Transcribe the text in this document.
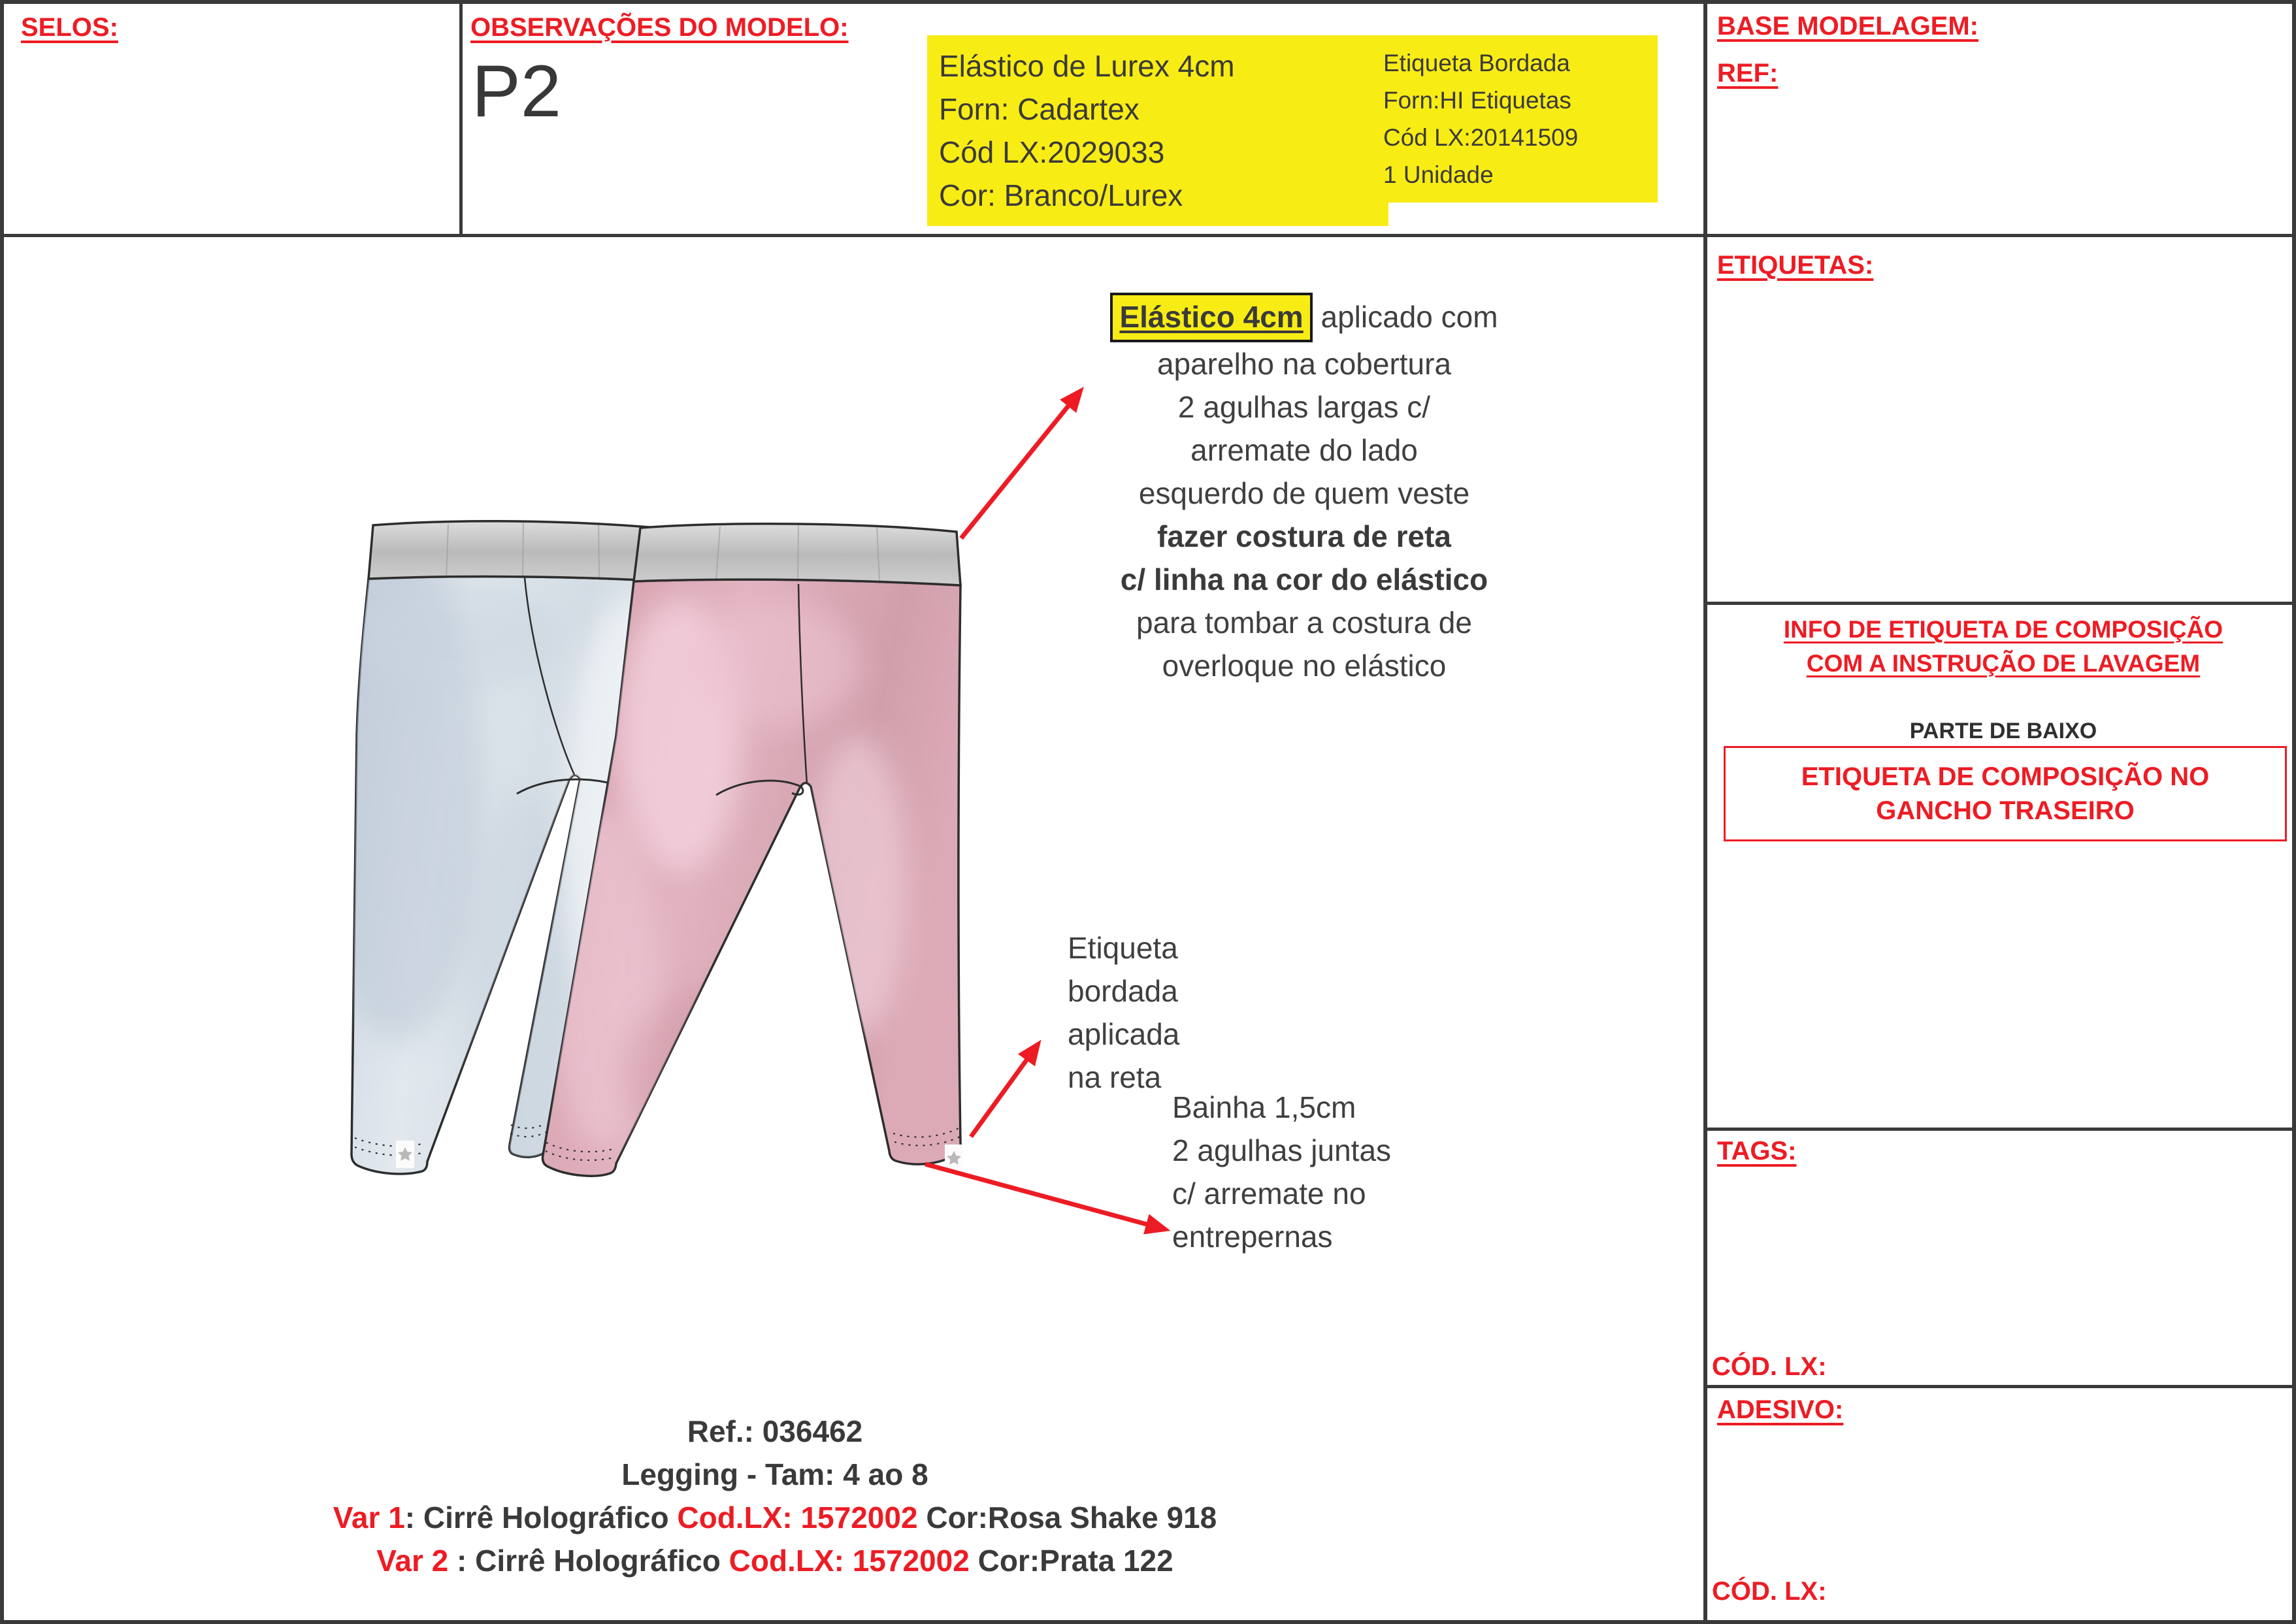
SELOS:	OBSERVAÇÕES DO MODELO:
P2	Elástico de Lurex 4cm
Forn: Cadartex
Cód LX:2029033
Cor: Branco/Lurex
Etiqueta Bordada
Forn:HI Etiquetas
Cód LX:20141509
1 Unidade
BASE MODELAGEM:
REF:
ETIQUETAS:
INFO DE ETIQUETA DE COMPOSIÇÃO
COM A INSTRUÇÃO DE LAVAGEM
PARTE DE BAIXO
ETIQUETA DE COMPOSIÇÃO NO
GANCHO TRASEIRO
TAGS:
CÓD. LX:
ADESIVO:
CÓD. LX:
Elástico 4cm aplicado com
aparelho na cobertura
2 agulhas largas c/
arremate do lado
esquerdo de quem veste
fazer costura de reta
c/ linha na cor do elástico
para tombar a costura de
overloque no elástico
Etiqueta
bordada
aplicada
na reta
Bainha 1,5cm
2 agulhas juntas
c/ arremate no
entrepernas
Ref.: 036462
Legging - Tam: 4 ao 8
Var 1: Cirrê Holográfico Cod.LX: 1572002 Cor:Rosa Shake 918
Var 2 : Cirrê Holográfico Cod.LX: 1572002 Cor:Prata 122
